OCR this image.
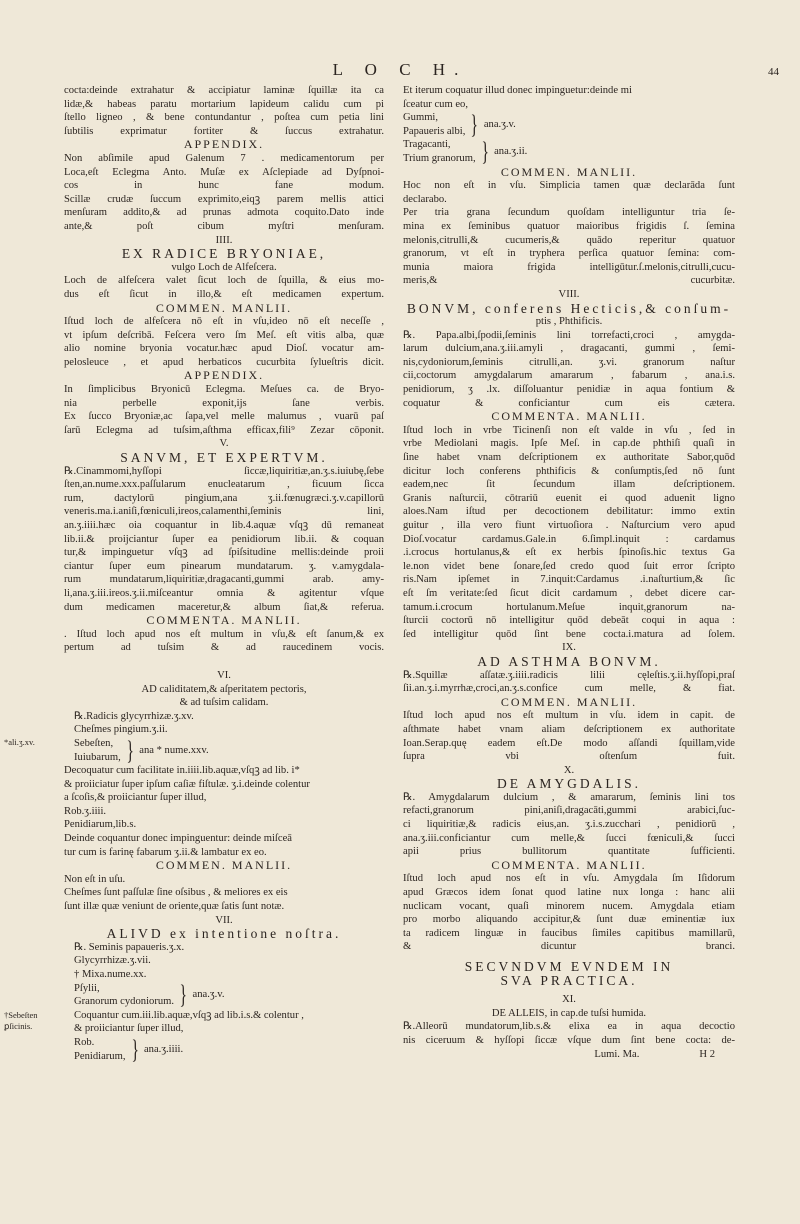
L O C H.	44
cocta:deinde extrahatur & accipiatur laminæ ſquillæ ita ca
lidæ,& habeas paratu mortarium lapideum calidu cum pi
ſtello ligneo , & bene contundantur , poſtea cum petia lini
ſubtilis exprimatur fortiter & ſuccus extrahatur.
APPENDIX.
Non abſimile apud Galenum 7 . medicamentorum per
Loca,eſt Eclegma Anto. Muſæ ex Aſclepiade ad Dyſpnoi-
cos in hunc fane modum.
Scillæ crudæ ſuccum exprimito,eiqꝫ parem mellis attici
menſuram addito,& ad prunas admota coquito.Dato inde
ante,& poſt cibum myſtri menſuram.
IIII.
EX RADICE BRYONIAE,
vulgo Loch de Alfeſcera.
Loch de alfeſcera valet ſicut loch de ſquilla, & eius mo-
dus eſt ſicut in illo,& eſt medicamen expertum.
COMMEN. MANLII.
Iſtud loch de alfeſcera nō eſt in vſu,ideo nō eſt neceſſe ,
vt ipſum deſcribā. Feſcera vero ſm Meſ. eſt vitis alba, quæ
alio nomine bryonia vocatur.hæc apud Dioſ. vocatur am-
pelosleuce , et apud herbaticos cucurbita ſylueſtris dicit.
APPENDIX.
In ſimplicibus Bryonicū Eclegma. Meſues ca. de Bryo-
nia perbelle exponit,ijs ſane verbis.
Ex ſucco Bryoniæ,ac ſapa,vel melle malumus , vuarū paſ
ſarū Eclegma ad tuſsim,aſthma efficax,fili⁹ Zezar cōponit.
V.
SANVM, ET EXPERTVM.
℞.Cinammomi,hyſſopi ſiccæ,liquiritiæ,an.ʒ.s.iuiubę,ſebe
ſten,an.nume.xxx.paſſularum enucleatarum , ficuum ſicca
rum, dactylorū pingium,ana ʒ.ii.fœnugræci.ʒ.v.capillorū
veneris.ma.i.aniſi,fœniculi,ireos,calamenthi,ſeminis lini,
an.ʒ.iiii.hæc oia coquantur in lib.4.aquæ vſqꝫ dū remaneat
lib.ii.& proijciantur ſuper ea penidiorum lib.ii. & coquan
tur,& impinguetur vſqꝫ ad ſpiſsitudine mellis:deinde proii
ciantur ſuper eum pinearum mundatarum. ʒ. v.amygdala-
rum mundatarum,liquiritiæ,dragacanti,gummi arab. amy-
li,ana.ʒ.iii.ireos.ʒ.ii.miſceantur omnia & agitentur vſque
dum medicamen maceretur,& album ſiat,& referua.
COMMENTA. MANLII.
. Iſtud loch apud nos eſt multum in vſu,& eſt ſanum,& ex
pertum ad tuſsim & ad raucedinem vocis.
VI.
AD caliditatem,& aſperitatem pectoris,
& ad tuſsim calidam.
℞.Radicis glycyrrhizæ.ʒ.xv.
Cheſmes pingium.ʒ.ii.
Sebeſten,
Iuiubarum, } ana * nume.xxv.
Decoquatur cum facilitate in.iiii.lib.aquæ,vſqꝫ ad lib. i*
& proiiciatur ſuper ipſum caſiæ fiſtulæ. ʒ.i.deinde colentur
a ſcoſis,& proiiciantur ſuper illud,
Rob.ʒ.iiii.
Penidiarum,lib.s.
Deinde coquantur donec impinguentur: deinde miſceā
tur cum is farinę fabarum ʒ.ii.& lambatur ex eo.
COMMEN. MANLII.
Non eſt in uſu.
Cheſmes ſunt paſſulæ ſine oſsibus , & meliores ex eis
ſunt illæ quæ veniunt de oriente,quæ ſatis ſunt notæ.
VII.
ALIVD ex intentione noſtra.
℞. Seminis papaueris.ʒ.x.
Glycyrrhizæ.ʒ.vii.
† Mixa.nume.xx.
Pſylii,
Granorum cydoniorum. } ana.ʒ.v.
Coquantur cum.iii.lib.aquæ,vſqꝫ ad lib.i.s.& colentur ,
& proiiciantur ſuper illud,
Rob.
Penidiarum, } ana.ʒ.iiii.
*ali.ʒ.xv.
†Sebeſten
ꝑſicinis.
Et iterum coquatur illud donec impinguetur:deinde mi
ſceatur cum eo,
Gummi,
Papaueris albi, } ana.ʒ.v.
Tragacanti,
Trium granorum, } ana.ʒ.ii.
COMMEN. MANLII.
Hoc non eſt in vſu. Simplicia tamen quæ declarāda ſunt
declarabo.
Per tria grana ſecundum quoſdam intelliguntur tria ſe-
mina ex ſeminibus quatuor maioribus frigidis ſ. ſemina
melonis,citrulli,& cucumeris,& quādo reperitur quatuor
granorum, vt eſt in tryphera perſica quatuor ſemina: com-
munia maiora frigida intelligūtur.ſ.melonis,citrulli,cucu-
meris,& cucurbitæ.
VIII.
BONVM, conferens Hecticis,& conſum-
ptis , Phthificis.
℞. Papa.albi,ſpodii,ſeminis lini torrefacti,croci , amygda-
larum dulcium,ana.ʒ.iii.amyli , dragacanti, gummi , ſemi-
nis,cydoniorum,ſeminis citrulli,an. ʒ.vi. granorum naſtur
cii,coctorum amygdalarum amararum , fabarum , ana.i.s.
penidiorum, ʒ .lx. diſſoluantur penidiæ in aqua fontium &
coquatur & conficiantur cum eis cætera.
COMMENTA. MANLII.
Iſtud loch in vrbe Ticinenſi non eſt valde in vſu , ſed in
vrbe Mediolani magis. Ipſe Meſ. in cap.de phthiſi quaſi in
ſine habet vnam deſcriptionem ex authoritate Sabor,quōd
dicitur loch conferens phthificis & conſumptis,ſed nō ſunt
eadem,nec ſit ſecundum illam deſcriptionem.
Granis naſturcii, cōtrariū euenit ei quod aduenit ligno
aloes.Nam iſtud per decoctionem debilitatur: immo extin
guitur , illa vero fiunt virtuoſiora . Naſturcium vero apud
Dioſ.vocatur cardamus.Gale.in 6.ſimpl.inquit : cardamus
.i.crocus hortulanus,& eſt ex herbis ſpinoſis.hic textus Ga
le.non videt bene ſonare,ſed credo quod ſuit error ſcripto
ris.Nam ipſemet in 7.inquit:Cardamus .i.naſturtium,& ſic
eſt ſm veritate:ſed ſicut dicit cardamum , debet dicere car-
tamum.i.crocum hortulanum.Meſue inquit,granorum na-
ſturcii coctorū nō intelligitur quōd debeāt coqui in aqua :
ſed intelligitur quōd ſint bene cocta.i.matura ad ſolem.
IX.
AD ASTHMA BONVM.
℞.Squillæ aſſatæ.ʒ.iiii.radicis lilii cęleſtis.ʒ.ii.hyſſopi,praſ
ſii.an.ʒ.i.myrrhæ,croci,an.ʒ.s.confice cum melle, & fiat.
COMMEN. MANLII.
Iſtud loch apud nos eſt multum in vſu. idem in capit. de
aſthmate habet vnam aliam deſcriptionem ex authoritate
Ioan.Serap.quę eadem eſt.De modo aſſandi ſquillam,vide
ſupra vbi oſtenſum fuit.
X.
DE AMYGDALIS.
℞. Amygdalarum dulcium , & amararum, ſeminis lini tos
refacti,granorum pini,aniſi,dragacāti,gummi arabici,ſuc-
ci liquiritiæ,& radicis eius,an. ʒ.i.s.zucchari , penidiorū ,
ana.ʒ.iii.conficiantur cum melle,& ſucci fœniculi,& ſucci
apii prius bullitorum quantitate ſufficienti.
COMMENTA. MANLII.
Iſtud loch apud nos eſt in vſu. Amygdala ſm Iſidorum
apud Græcos idem ſonat quod latine nux longa : hanc alii
nuclicam vocant, quaſi minorem nucem. Amygdala etiam
pro morbo aliquando accipitur,& ſunt duæ eminentiæ iux
ta radicem linguæ in faucibus ſimiles capitibus mamillarū,
& dicuntur branci.
SECVNDVM EVNDEM IN
SVA PRACTICA.
XI.
DE ALLEIS, in cap.de tuſsi humida.
℞.Alleorū mundatorum,lib.s.& elixa ea in aqua decoctio
nis ciceruum & hyſſopi ſiccæ vſque dum ſint bene cocta: de-
Lumi. Ma.	H 2
